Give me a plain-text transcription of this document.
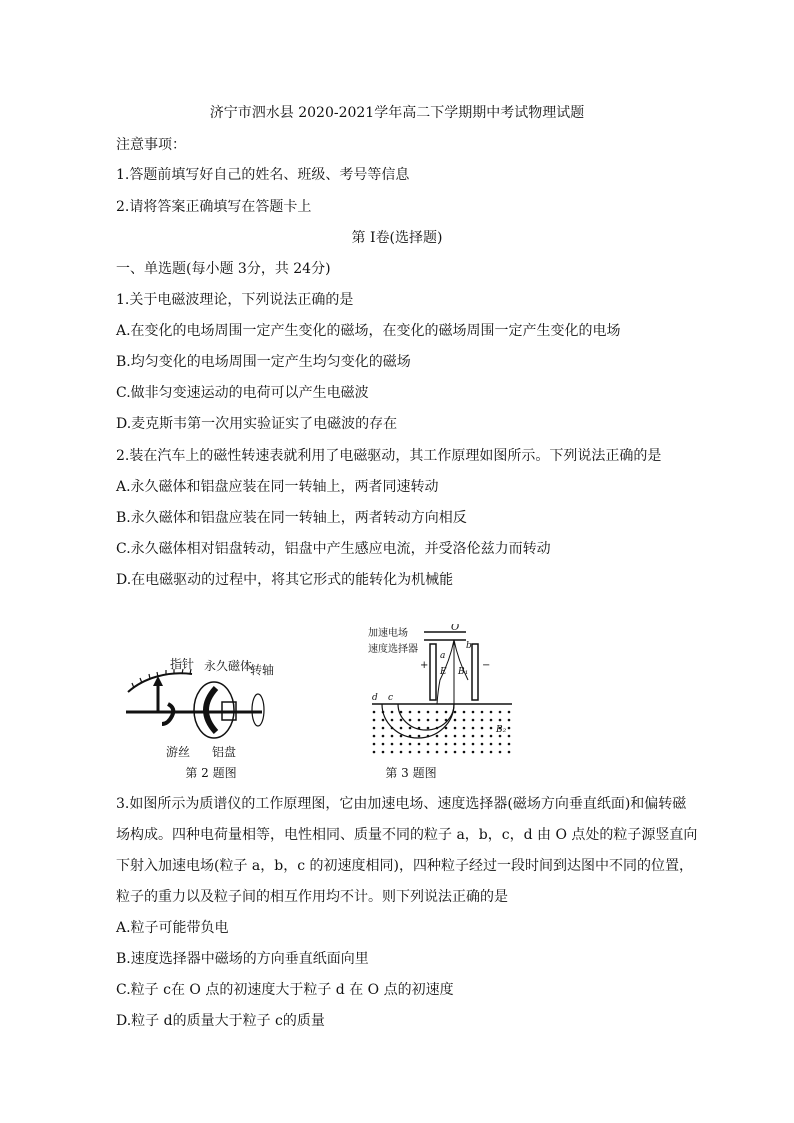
济宁市泗水县 2020-2021学年高二下学期期中考试物理试题
注意事项：
1.答题前填写好自己的姓名、班级、考号等信息
2.请将答案正确填写在答题卡上
第 I卷(选择题)
一、单选题(每小题 3分，共 24分)
1.关于电磁波理论，下列说法正确的是
A.在变化的电场周围一定产生变化的磁场，在变化的磁场周围一定产生变化的电场
B.均匀变化的电场周围一定产生均匀变化的磁场
C.做非匀变速运动的电荷可以产生电磁波
D.麦克斯韦第一次用实验证实了电磁波的存在
2.装在汽车上的磁性转速表就利用了电磁驱动，其工作原理如图所示。下列说法正确的是
A.永久磁体和铝盘应装在同一转轴上，两者同速转动
B.永久磁体和铝盘应装在同一转轴上，两者转动方向相反
C.永久磁体相对铝盘转动，铝盘中产生感应电流，并受洛伦兹力而转动
D.在电磁驱动的过程中，将其它形式的能转化为机械能
指针 永久磁体
转轴
游丝 铝盘
第 2 题图
O
加速电场
速度选择器
a
b
d c
E B₁
B₂
+	−
第 3 题图
3.如图所示为质谱仪的工作原理图，它由加速电场、速度选择器(磁场方向垂直纸面)和偏转磁
场构成。四种电荷量相等，电性相同、质量不同的粒子 a，b，c，d 由 O 点处的粒子源竖直向
下射入加速电场(粒子 a，b，c 的初速度相同)，四种粒子经过一段时间到达图中不同的位置，
粒子的重力以及粒子间的相互作用均不计。则下列说法正确的是
A.粒子可能带负电
B.速度选择器中磁场的方向垂直纸面向里
C.粒子 c在 O 点的初速度大于粒子 d 在 O 点的初速度
D.粒子 d的质量大于粒子 c的质量
